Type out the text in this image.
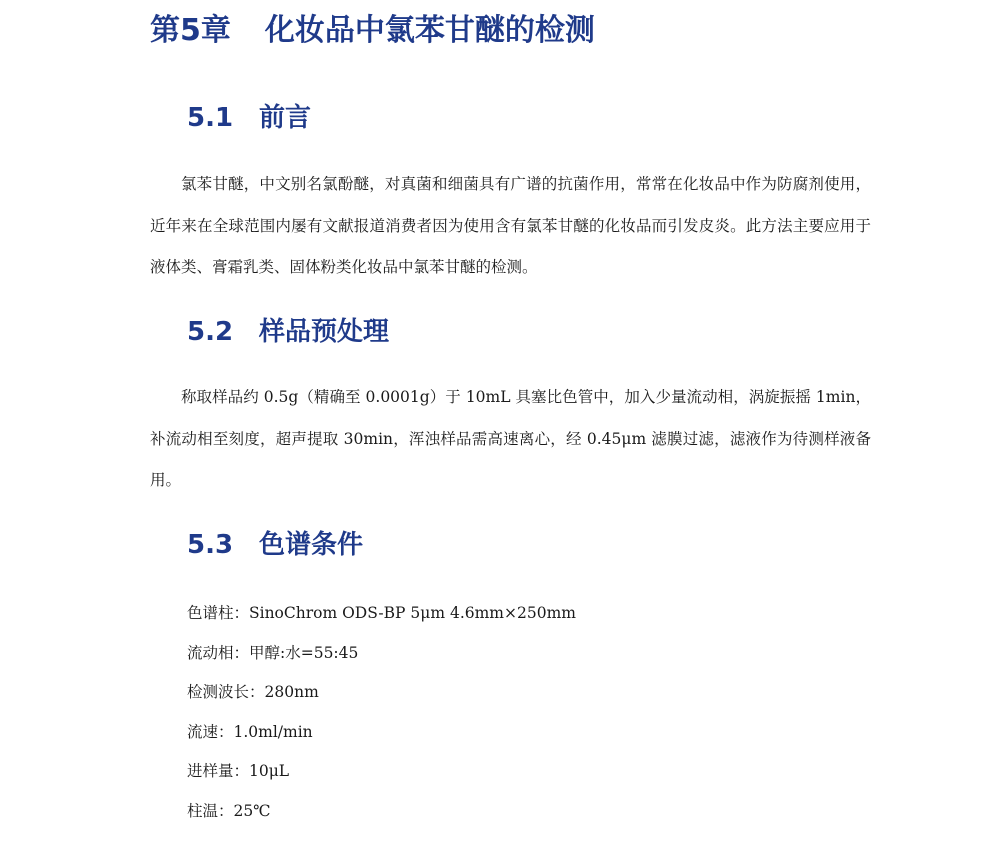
第5章 化妆品中氯苯甘醚的检测
5.1 前言

氯苯甘醚，中文别名氯酚醚，对真菌和细菌具有广谱的抗菌作用，常常在化妆品中作为防腐剂使用，近年来在全球范围内屡有文献报道消费者因为使用含有氯苯甘醚的化妆品而引发皮炎。此方法主要应用于液体类、膏霜乳类、固体粉类化妆品中氯苯甘醚的检测。

5.2 样品预处理

称取样品约 0.5g（精确至 0.0001g）于 10mL 具塞比色管中，加入少量流动相，涡旋振摇 1min，补流动相至刻度，超声提取 30min，浑浊样品需高速离心，经 0.45μm 滤膜过滤，滤液作为待测样液备用。

5.3 色谱条件

色谱柱：SinoChrom ODS-BP 5μm 4.6mm×250mm

流动相：甲醇:水=55:45

检测波长：280nm

流速：1.0ml/min

进样量：10μL

柱温：25℃
